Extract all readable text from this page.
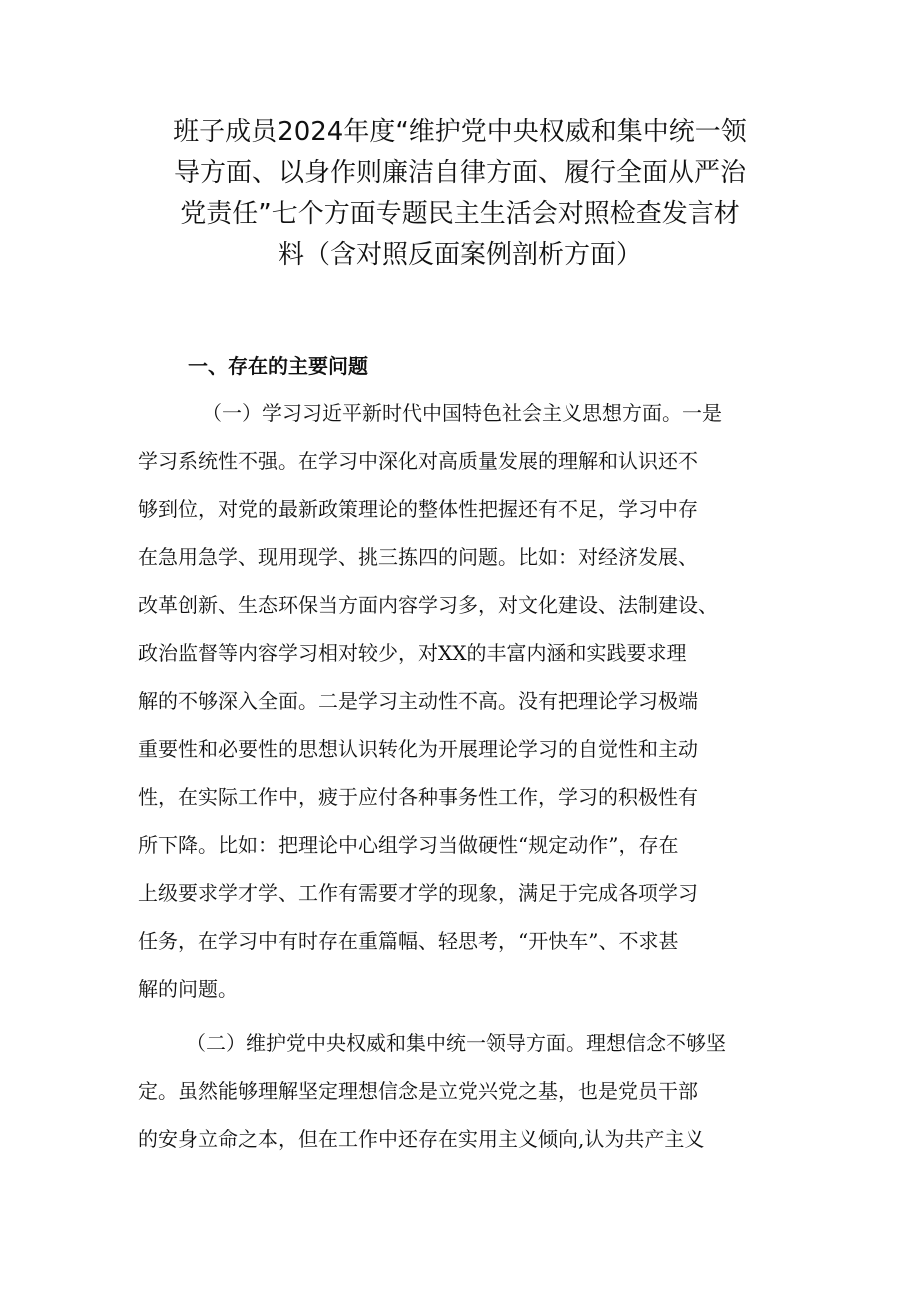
班子成员2024年度“维护党中央权威和集中统一领
导方面、以身作则廉洁自律方面、履行全面从严治
党责任”七个方面专题民主生活会对照检查发言材
料（含对照反面案例剖析方面）
一、存在的主要问题
（一）学习习近平新时代中国特色社会主义思想方面。一是
学习系统性不强。在学习中深化对高质量发展的理解和认识还不
够到位，对党的最新政策理论的整体性把握还有不足，学习中存
在急用急学、现用现学、挑三拣四的问题。比如：对经济发展、
改革创新、生态环保当方面内容学习多，对文化建设、法制建设、
政治监督等内容学习相对较少，对XX的丰富内涵和实践要求理
解的不够深入全面。二是学习主动性不高。没有把理论学习极端
重要性和必要性的思想认识转化为开展理论学习的自觉性和主动
性，在实际工作中，疲于应付各种事务性工作，学习的积极性有
所下降。比如：把理论中心组学习当做硬性“规定动作”，存在
上级要求学才学、工作有需要才学的现象，满足于完成各项学习
任务，在学习中有时存在重篇幅、轻思考，“开快车”、不求甚
解的问题。
（二）维护党中央权威和集中统一领导方面。理想信念不够坚
定。虽然能够理解坚定理想信念是立党兴党之基，也是党员干部
的安身立命之本，但在工作中还存在实用主义倾向,认为共产主义
